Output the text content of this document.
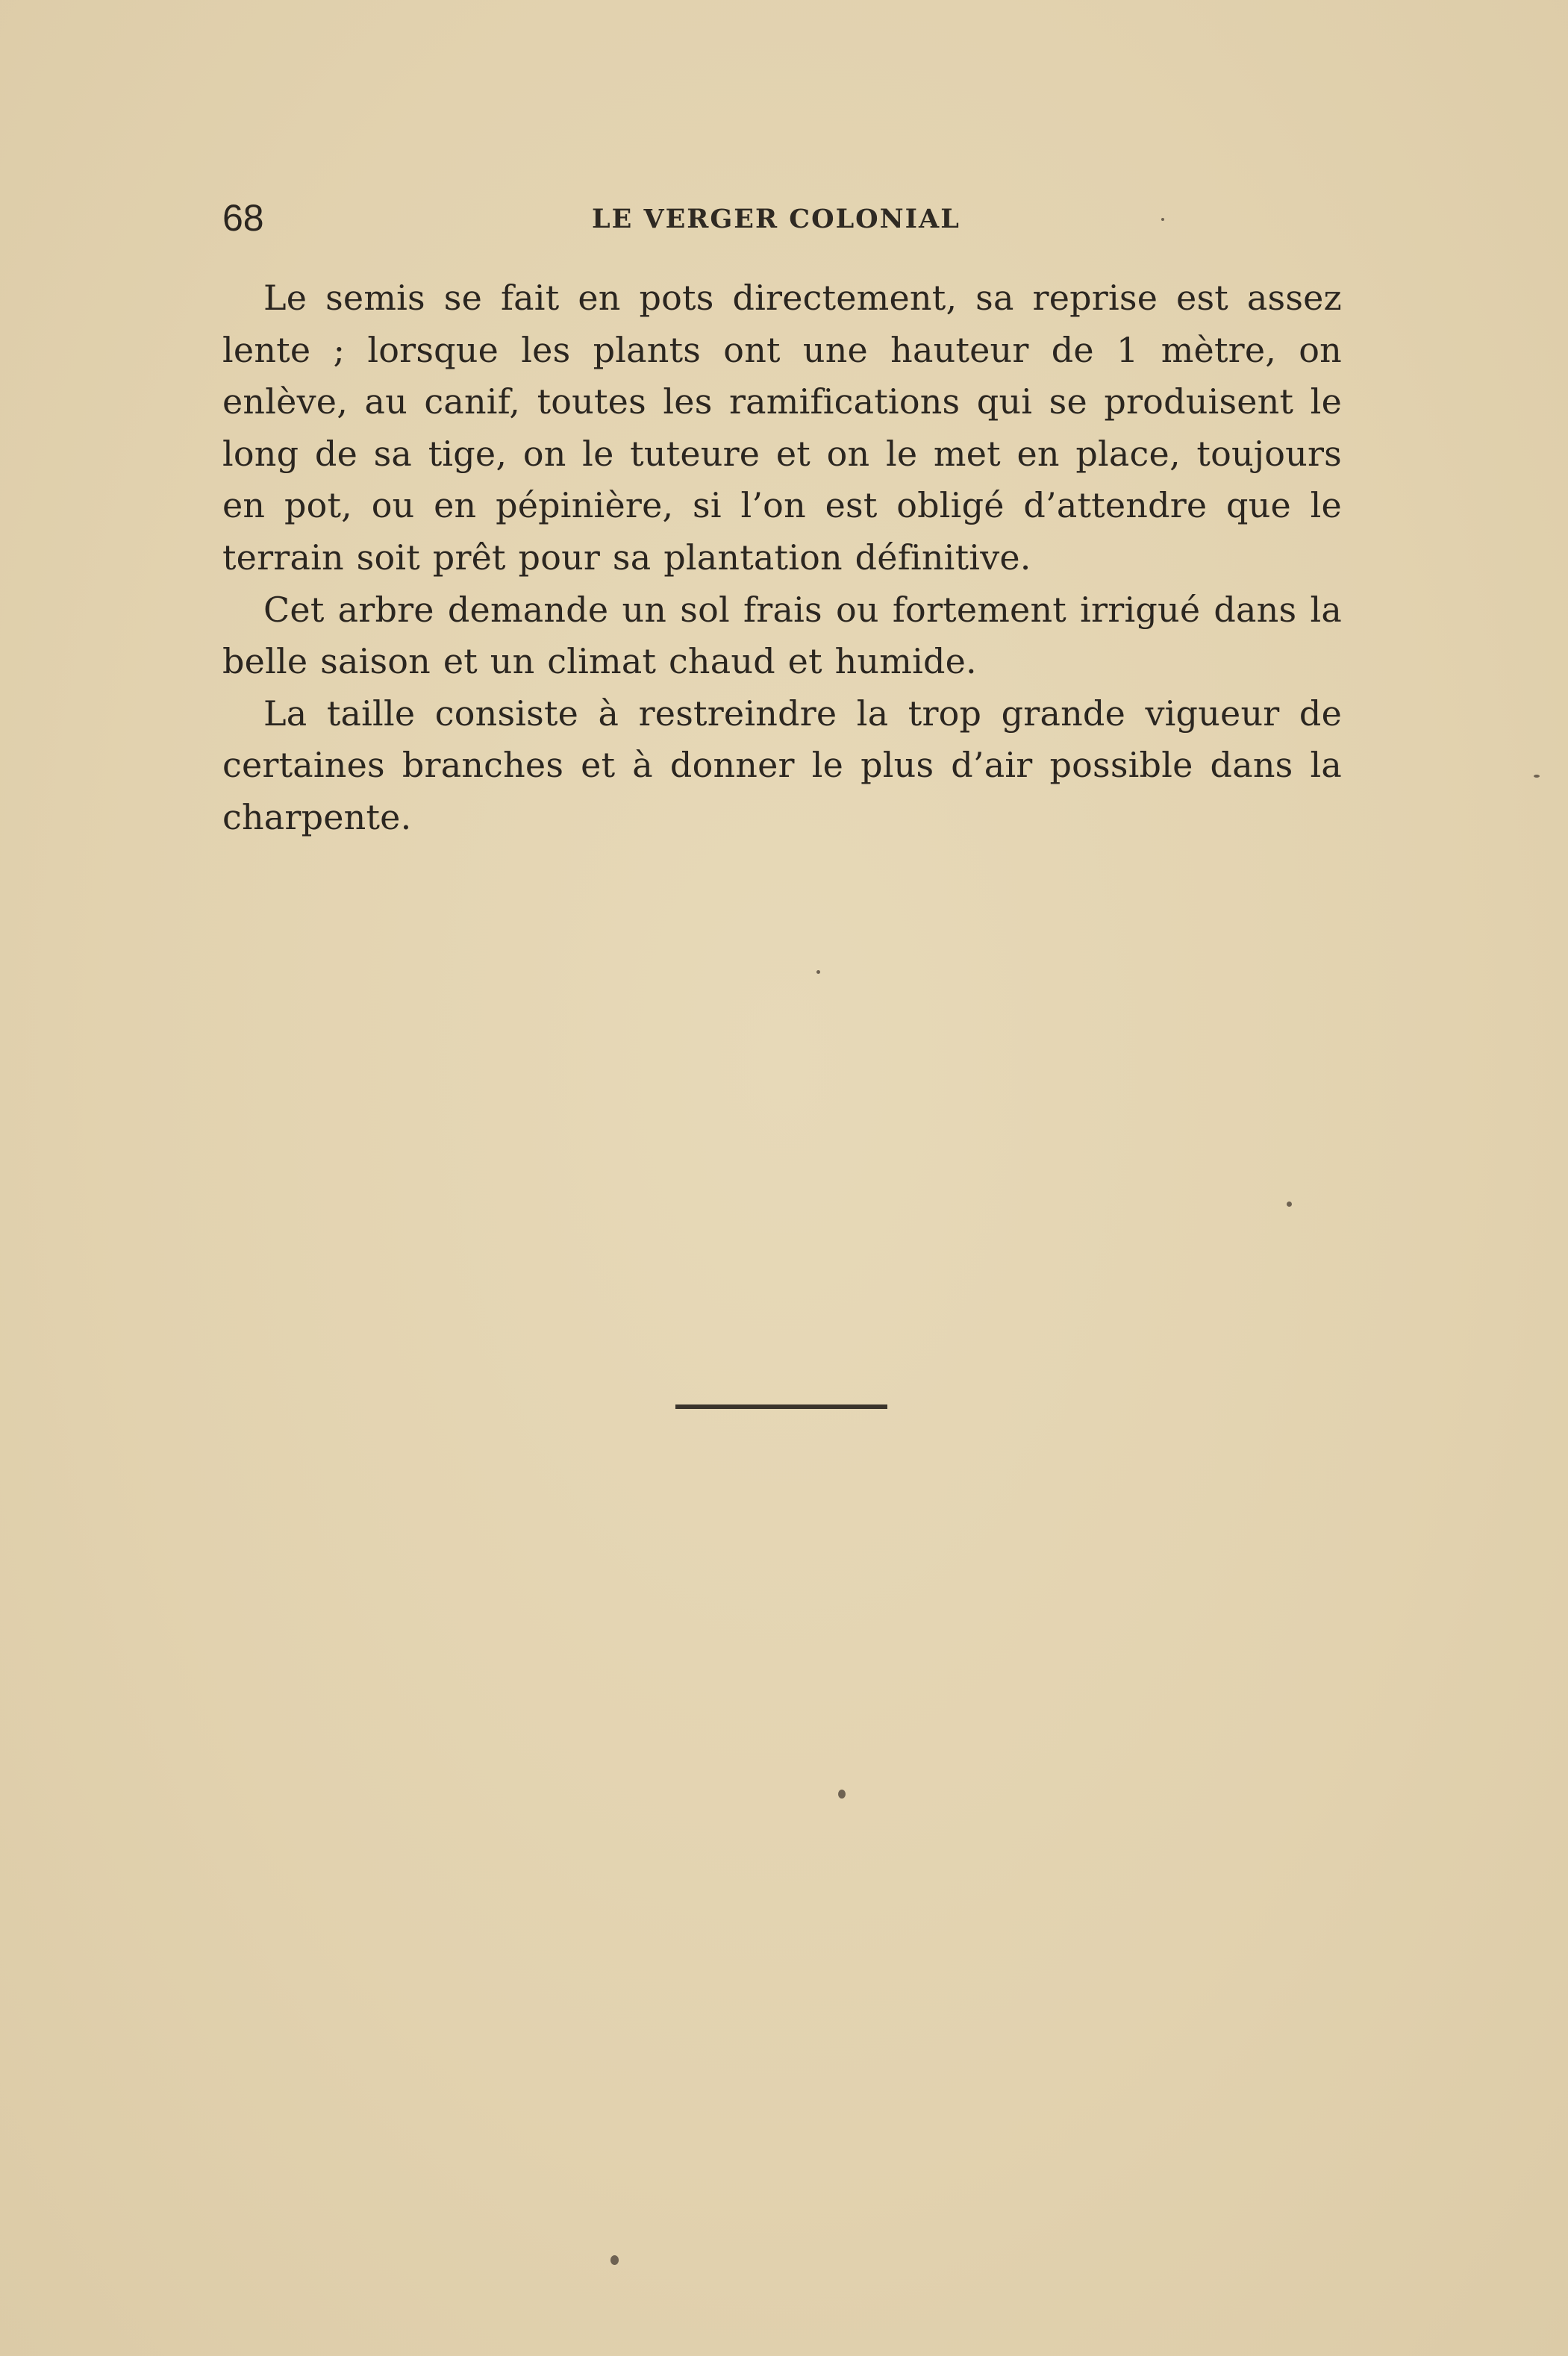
68	LE VERGER COLONIAL

Le semis se fait en pots directement, sa reprise est assez lente ; lorsque les plants ont une hauteur de 1 mètre, on enlève, au canif, toutes les ramifications qui se produisent le long de sa tige, on le tuteure et on le met en place, toujours en pot, ou en pépinière, si l’on est obligé d’attendre que le terrain soit prêt pour sa plantation définitive.

Cet arbre demande un sol frais ou fortement irrigué dans la belle saison et un climat chaud et humide.

La taille consiste à restreindre la trop grande vigueur de certaines branches et à donner le plus d’air possible dans la charpente.
